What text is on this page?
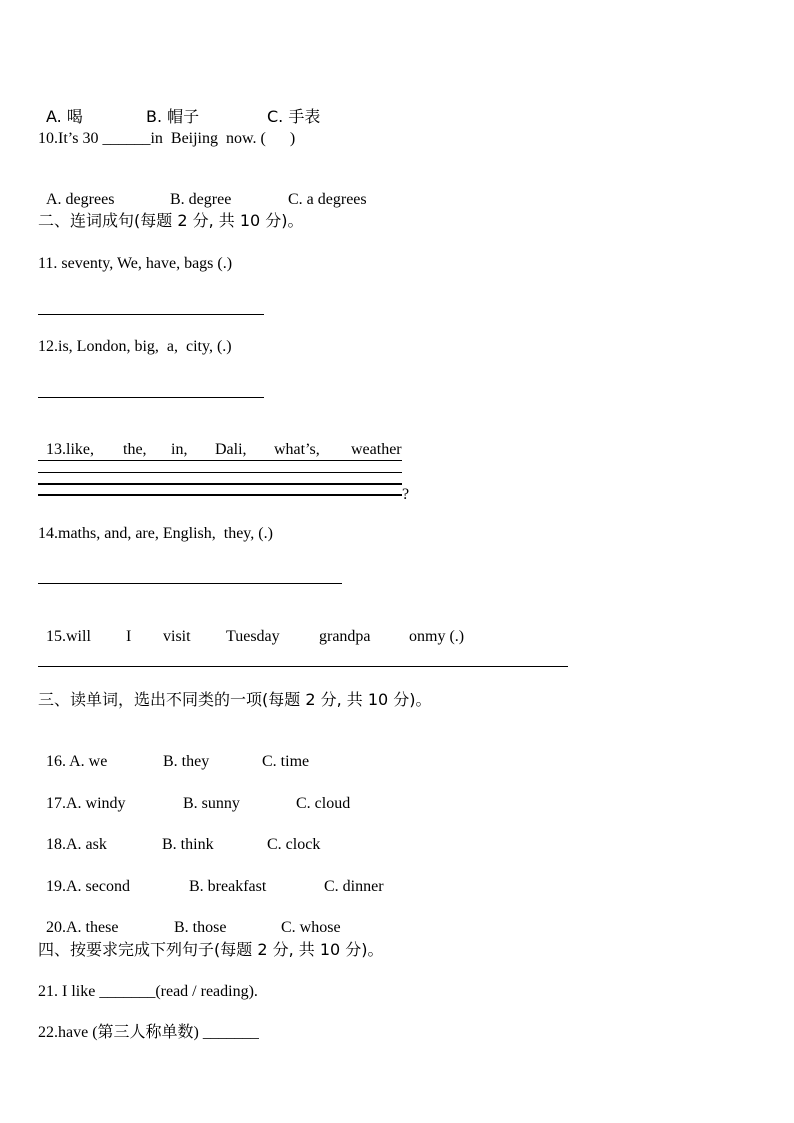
A. 喝	B. 帽子	C. 手表

10.It’s 30 ______in  Beijing  now. (      )

A. degrees	B. degree	C. a degrees

二、连词成句(每题 2 分, 共 10 分)。
11. seventy, We, have, bags (.)
12.is, London, big,  a,  city, (.)

13.like, the, in, Dali, what’s, weather

?
14.maths, and, are, English,  they, (.)

15.will I visit Tuesday grandpa onmy (.)

三、读单词，选出不同类的一项(每题 2 分, 共 10 分)。

16. A. we	B. they	C. time

17.A. windy	B. sunny	C. cloud

18.A. ask	B. think	C. clock

19.A. second	B. breakfast	C. dinner

20.A. these	B. those	C. whose

四、按要求完成下列句子(每题 2 分, 共 10 分)。
21. I like _______(read / reading).
22.have (第三人称单数) _______
